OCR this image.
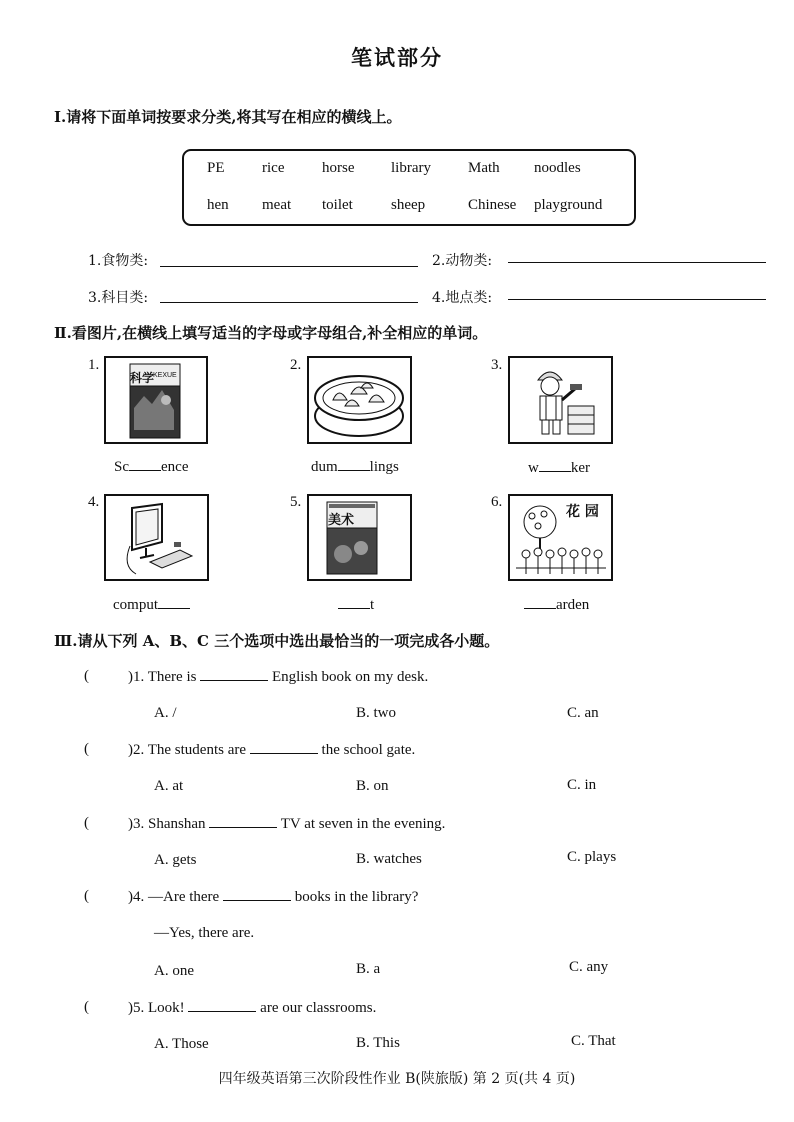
笔试部分
Ⅰ.请将下面单词按要求分类,将其写在相应的横线上。
PE rice	horse library Math noodles
hen meat toilet	sheep	Chinese playground
1.食物类:	2.动物类:
3.科目类:	4.地点类:
Ⅱ.看图片,在横线上填写适当的字母或字母组合,补全相应的单词。
1.
科学
KEXUE
Sc ence
2.
dum lings
3.
w ker
4.
comput
5.
美术
t
6.
花 园
arden
Ⅲ.请从下列 A、B、C 三个选项中选出最恰当的一项完成各小题。
(	)1. There is	English book on my desk.
A. /	B. two	C. an
(	)2. The students are	the school gate.
A. at	B. on	C. in
(	)3. Shanshan	TV at seven in the evening.
A. gets	B. watches	C. plays
(	)4. —Are there	books in the library?
—Yes, there are.
A. one	B. a	C. any
(	)5. Look!	are our classrooms.
A. Those	B. This	C. That
四年级英语第三次阶段性作业 B(陕旅版) 第 2 页(共 4 页)
